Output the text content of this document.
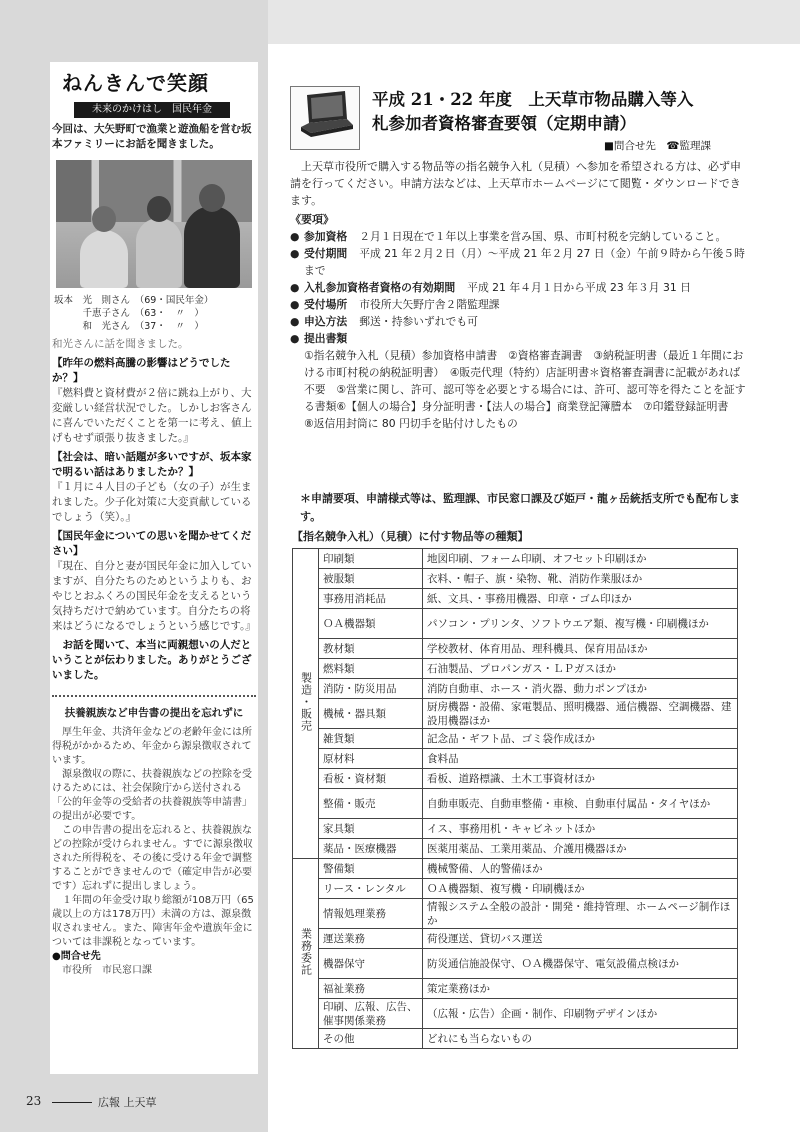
ねんきんで笑顔
未来のかけはし　国民年金
今回は、大矢野町で漁業と遊漁船を営む坂本ファミリーにお話を聞きました。
坂本　光　則さん　（69・国民年金）
　　　千恵子さん　（63・　〃　）
　　　和　光さん　（37・　〃　）

和光さんに話を聞きました。

【昨年の燃料高騰の影響はどうでしたか？】
『燃料費と資材費が２倍に跳ね上がり、大変厳しい経営状況でした。しかしお客さんに喜んでいただくことを第一に考え、値上げもせず頑張り抜きました。』

【社会は、暗い話題が多いですが、坂本家で明るい話はありましたか？】
『１月に４人目の子ども（女の子）が生まれました。少子化対策に大変貢献しているでしょう（笑）。』

【国民年金についての思いを聞かせてください】
『現在、自分と妻が国民年金に加入していますが、自分たちのためというよりも、おやじとおふくろの国民年金を支えるという気持ちだけで納めています。自分たちの将来はどうになるでしょうという感じです。』

お話を聞いて、本当に両親想いの人だということが伝わりました。ありがとうございました。

扶養親族など申告書の提出を忘れずに

厚生年金、共済年金などの老齢年金には所得税がかかるため、年金から源泉徴収されています。

源泉徴収の際に、扶養親族などの控除を受けるためには、社会保険庁から送付される「公的年金等の受給者の扶養親族等申請書」の提出が必要です。

この申告書の提出を忘れると、扶養親族などの控除が受けられません。すでに源泉徴収された所得税を、その後に受ける年金で調整することができませんので（確定申告が必要です）忘れずに提出しましょう。

１年間の年金受け取り総額が108万円（65歳以上の方は178万円）未満の方は、源泉徴収されません。また、障害年金や遺族年金については非課税となっています。

●問合せ先
市役所　市民窓口課
23	広報 上天草
平成 21・22 年度　上天草市物品購入等入
札参加者資格審査要領（定期申請）
■問合せ先　☎監理課
上天草市役所で購入する物品等の指名競争入札（見積）へ参加を希望される方は、必ず申請を行ってください。申請方法などは、上天草市ホームページにて閲覧・ダウンロードできます。
《要項》
● 参加資格 ２月１日現在で１年以上事業を営み国、県、市町村税を完納していること。
● 受付期間 平成 21 年２月２日（月）～平成 21 年２月 27 日（金）午前９時から午後５時まで
● 入札参加資格者資格の有効期間 平成 21 年４月１日から平成 23 年３月 31 日
● 受付場所 市役所大矢野庁舎２階監理課
● 申込方法 郵送・持参いずれでも可
● 提出書類
①指名競争入札（見積）参加資格申請書　②資格審査調書　③納税証明書（最近１年間における市町村税の納税証明書）　④販売代理（特約）店証明書＊資格審査調書に記載があれば不要　⑤営業に関し、許可、認可等を必要とする場合には、許可、認可等を得たことを証する書類⑥【個人の場合】身分証明書・【法人の場合】商業登記簿謄本　⑦印鑑登録証明書　⑧返信用封筒に 80 円切手を貼付けしたもの
＊申請要項、申請様式等は、監理課、市民窓口課及び姫戸・龍ヶ岳統括支所でも配布します。
【指名競争入札）（見積）に付す物品等の種類】
製造・販売	印刷類	地図印刷、フォーム印刷、オフセット印刷ほか
	被服類	衣料、・帽子、旗・染物、靴、消防作業服ほか
	事務用消耗品	紙、文具、・事務用機器、印章・ゴム印ほか
	ＯＡ機器類	パソコン・プリンタ、ソフトウエア類、複写機・印刷機ほか
	教材類	学校教材、体育用品、理科機具、保育用品ほか
	燃料類	石油製品、プロパンガス・ＬＰガスほか
	消防・防災用品	消防自動車、ホース・消火器、動力ポンプほか
	機械・器具類	厨房機器・設備、家電製品、照明機器、通信機器、空調機器、建設用機器ほか
	雑貨類	記念品・ギフト品、ゴミ袋作成ほか
	原材料	食料品
	看板・資材類	看板、道路標識、土木工事資材ほか
	整備・販売	自動車販売、自動車整備・車検、自動車付属品・タイヤほか
	家具類	イス、事務用机・キャビネットほか
	薬品・医療機器	医薬用薬品、工業用薬品、介護用機器ほか
業務委託	警備類	機械警備、人的警備ほか
	リース・レンタル	ＯＡ機器類、複写機・印刷機ほか
	情報処理業務	情報システム全般の設計・開発・維持管理、ホームページ制作ほか
	運送業務	荷役運送、貸切バス運送
	機器保守	防災通信施設保守、ＯＡ機器保守、電気設備点検ほか
	福祉業務	策定業務ほか
	印刷、広報、広告、催事関係業務	（広報・広告）企画・制作、印刷物デザインほか
	その他	どれにも当らないもの
